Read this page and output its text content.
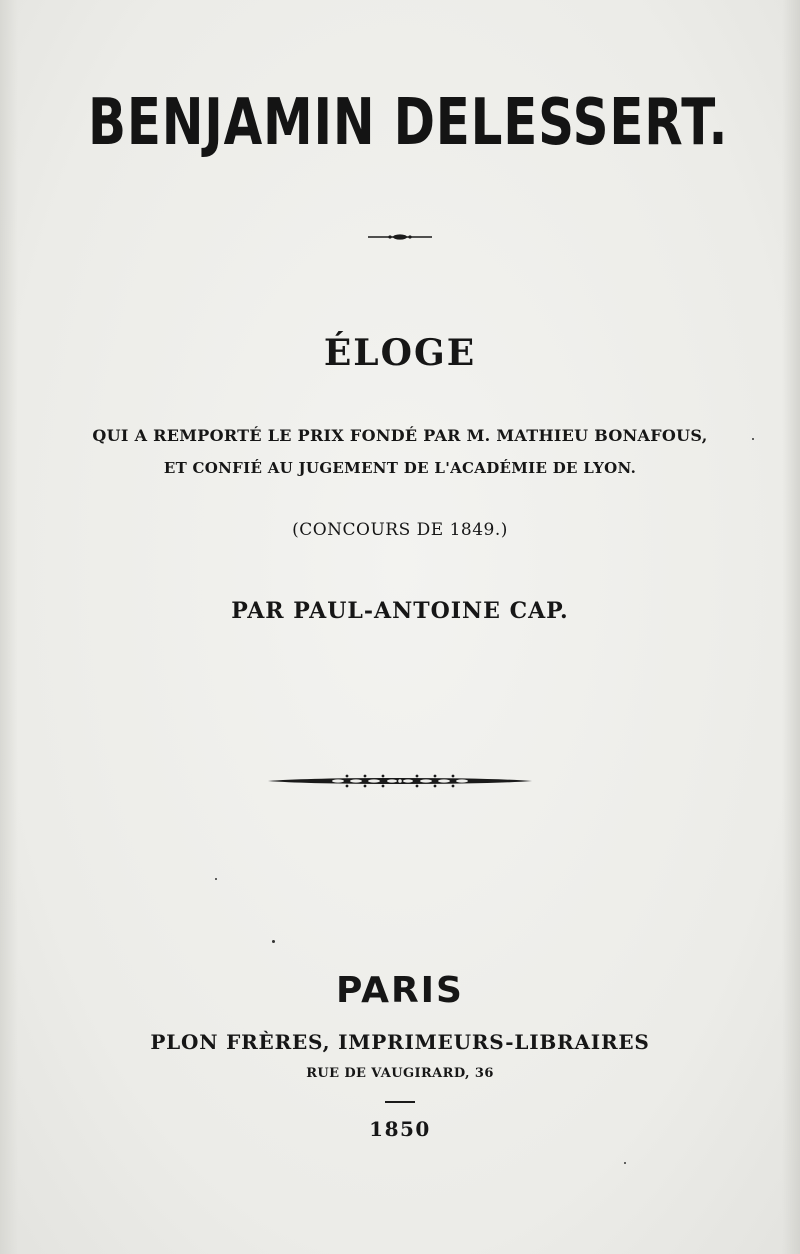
BENJAMIN DELESSERT.
ÉLOGE
QUI A REMPORTÉ LE PRIX FONDÉ PAR M. MATHIEU BONAFOUS,
ET CONFIÉ AU JUGEMENT DE L'ACADÉMIE DE LYON.
(CONCOURS DE 1849.)
PAR PAUL-ANTOINE CAP.
PARIS
PLON FRÈRES, IMPRIMEURS-LIBRAIRES
RUE DE VAUGIRARD, 36
1850
